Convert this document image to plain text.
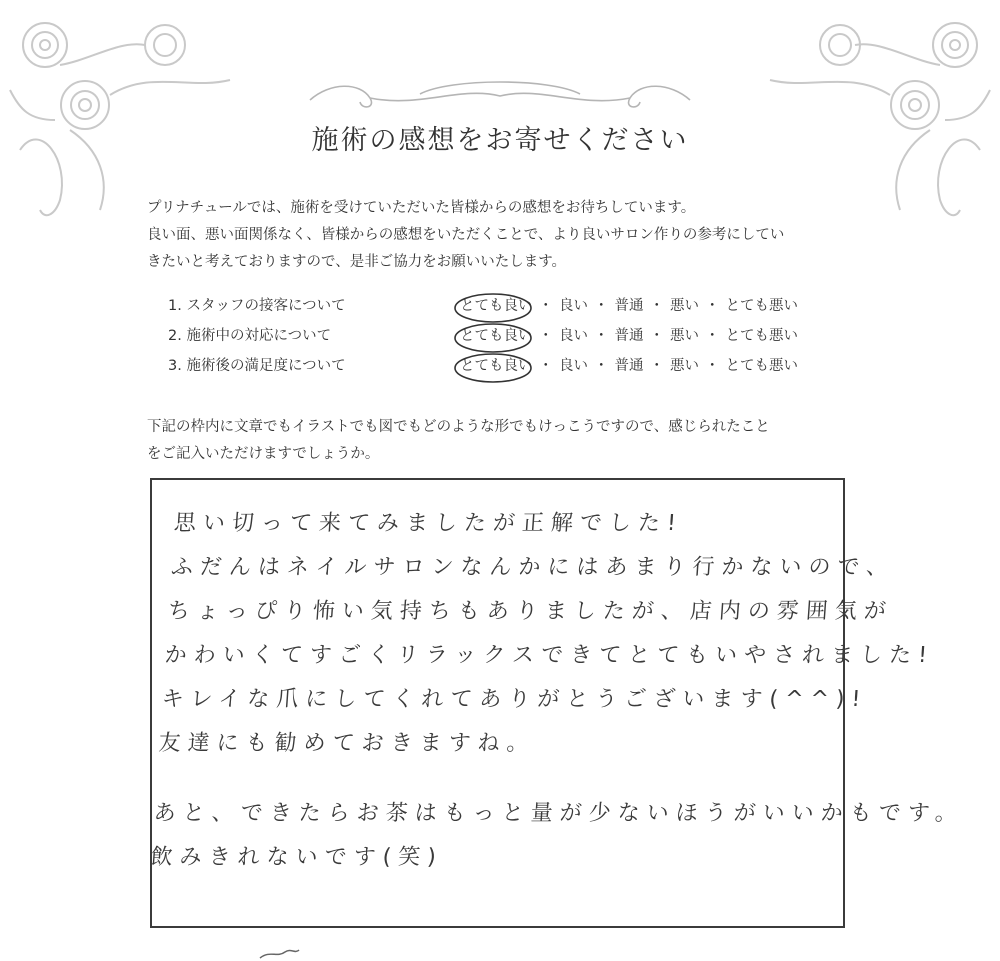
施術の感想をお寄せください
プリナチュールでは、施術を受けていただいた皆様からの感想をお待ちしています。
良い面、悪い面関係なく、皆様からの感想をいただくことで、より良いサロン作りの参考にしてい
きたいと考えておりますので、是非ご協力をお願いいたします。
1. スタッフの接客について	とても良い ・ 良い ・ 普通 ・ 悪い ・ とても悪い
2. 施術中の対応について	とても良い ・ 良い ・ 普通 ・ 悪い ・ とても悪い
3. 施術後の満足度について	とても良い ・ 良い ・ 普通 ・ 悪い ・ とても悪い
下記の枠内に文章でもイラストでも図でもどのような形でもけっこうですので、感じられたこと
をご記入いただけますでしょうか。
思い切って来てみましたが正解でした!
ふだんはネイルサロンなんかにはあまり行かないので、
ちょっぴり怖い気持ちもありましたが、店内の雰囲気が
かわいくてすごくリラックスできてとてもいやされました!
キレイな爪にしてくれてありがとうございます(^^)!
友達にも勧めておきますね。
あと、できたらお茶はもっと量が少ないほうがいいかもです。
飲みきれないです(笑)
